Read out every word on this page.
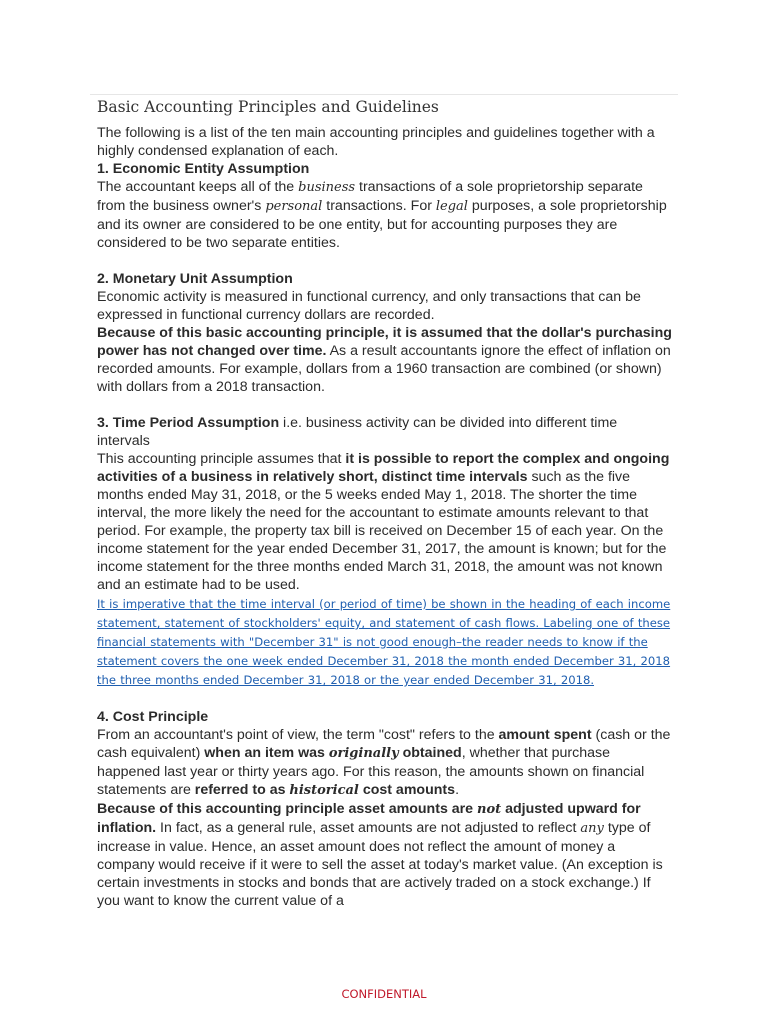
Basic Accounting Principles and Guidelines

The following is a list of the ten main accounting principles and guidelines together with a highly condensed explanation of each.

1. Economic Entity Assumption

The accountant keeps all of the business transactions of a sole proprietorship separate from the business owner's personal transactions. For legal purposes, a sole proprietorship and its owner are considered to be one entity, but for accounting purposes they are considered to be two separate entities.

2. Monetary Unit Assumption

Economic activity is measured in functional currency, and only transactions that can be expressed in functional currency dollars are recorded.

Because of this basic accounting principle, it is assumed that the dollar's purchasing power has not changed over time. As a result accountants ignore the effect of inflation on recorded amounts. For example, dollars from a 1960 transaction are combined (or shown) with dollars from a 2018 transaction.

3. Time Period Assumption i.e. business activity can be divided into different time intervals

This accounting principle assumes that it is possible to report the complex and ongoing activities of a business in relatively short, distinct time intervals such as the five months ended May 31, 2018, or the 5 weeks ended May 1, 2018. The shorter the time interval, the more likely the need for the accountant to estimate amounts relevant to that period. For example, the property tax bill is received on December 15 of each year. On the income statement for the year ended December 31, 2017, the amount is known; but for the income statement for the three months ended March 31, 2018, the amount was not known and an estimate had to be used.

It is imperative that the time interval (or period of time) be shown in the heading of each income statement, statement of stockholders' equity, and statement of cash flows. Labeling one of these financial statements with "December 31" is not good enough–the reader needs to know if the statement covers the one week ended December 31, 2018 the month ended December 31, 2018 the three months ended December 31, 2018 or the year ended December 31, 2018.

4. Cost Principle

From an accountant's point of view, the term "cost" refers to the amount spent (cash or the cash equivalent) when an item was originally obtained, whether that purchase happened last year or thirty years ago. For this reason, the amounts shown on financial statements are referred to as historical cost amounts.

Because of this accounting principle asset amounts are not adjusted upward for inflation. In fact, as a general rule, asset amounts are not adjusted to reflect any type of increase in value. Hence, an asset amount does not reflect the amount of money a company would receive if it were to sell the asset at today's market value. (An exception is certain investments in stocks and bonds that are actively traded on a stock exchange.) If you want to know the current value of a

CONFIDENTIAL
